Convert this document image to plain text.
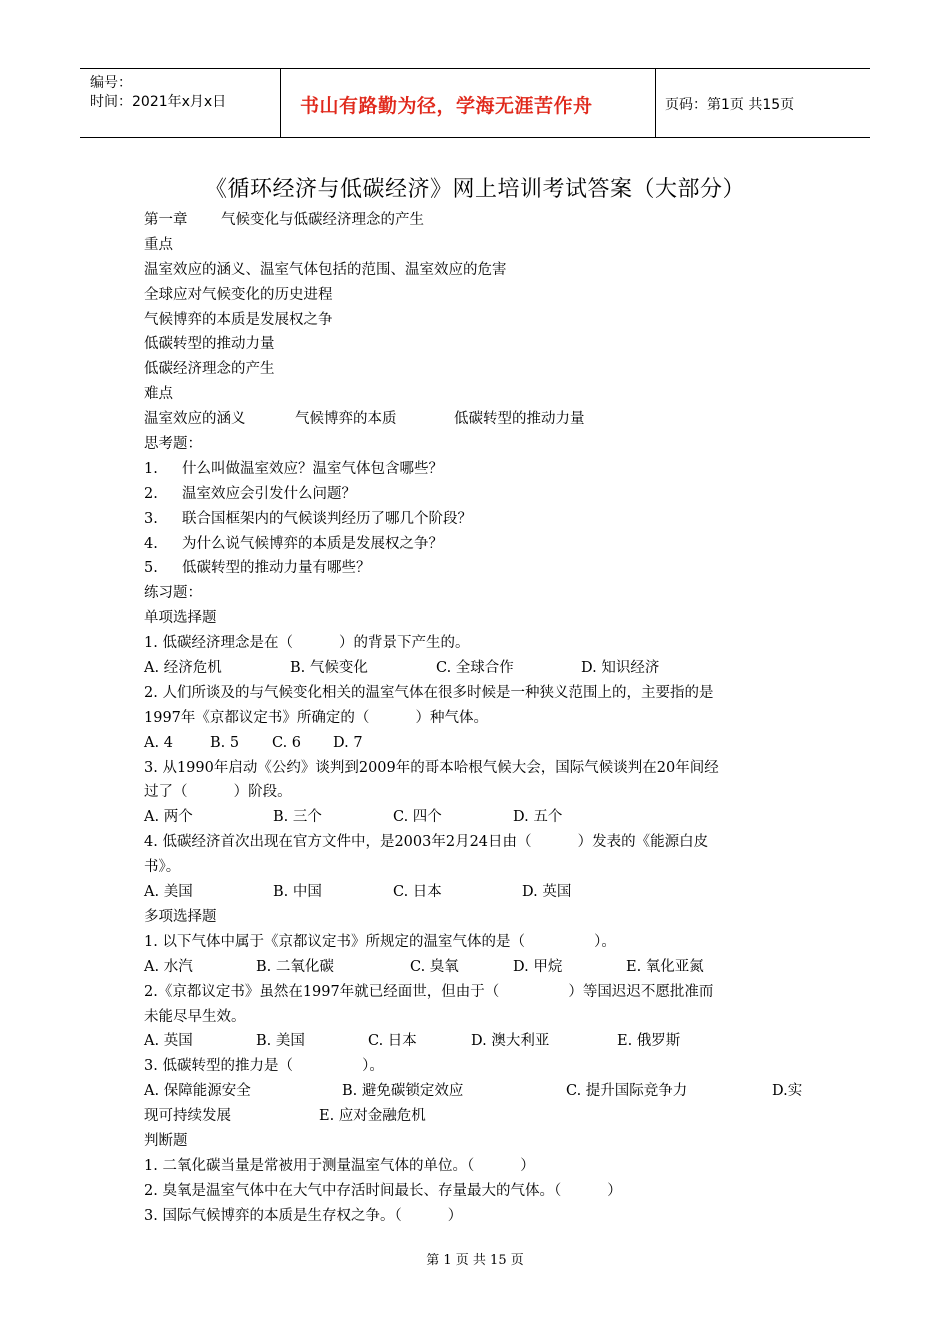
编号：
时间：2021年x月x日	书山有路勤为径，学海无涯苦作舟	页码：第1页 共15页
《循环经济与低碳经济》网上培训考试答案（大部分）
第一章 气候变化与低碳经济理念的产生
重点
温室效应的涵义、温室气体包括的范围、温室效应的危害
全球应对气候变化的历史进程
气候博弈的本质是发展权之争
低碳转型的推动力量
低碳经济理念的产生
难点
温室效应的涵义	气候博弈的本质	低碳转型的推动力量
思考题：
1. 什么叫做温室效应？温室气体包含哪些？
2. 温室效应会引发什么问题？
3. 联合国框架内的气候谈判经历了哪几个阶段？
4. 为什么说气候博弈的本质是发展权之争？
5. 低碳转型的推动力量有哪些？
练习题：
单项选择题
1. 低碳经济理念是在（          ）的背景下产生的。
A. 经济危机	B. 气候变化	C. 全球合作	D. 知识经济
2. 人们所谈及的与气候变化相关的温室气体在很多时候是一种狭义范围上的，主要指的是
1997年《京都议定书》所确定的（          ）种气体。
A. 4	B. 5 C. 6 D. 7
3. 从1990年启动《公约》谈判到2009年的哥本哈根气候大会，国际气候谈判在20年间经
过了（          ）阶段。
A. 两个	B. 三个	C. 四个	D. 五个
4. 低碳经济首次出现在官方文件中，是2003年2月24日由（          ）发表的《能源白皮
书》。
A. 美国	B. 中国	C. 日本	D. 英国
多项选择题
1. 以下气体中属于《京都议定书》所规定的温室气体的是（               ）。
A. 水汽	B. 二氧化碳	C. 臭氧	D. 甲烷	E. 氧化亚氮
2.《京都议定书》虽然在1997年就已经面世，但由于（               ）等国迟迟不愿批准而
未能尽早生效。
A. 英国	B. 美国	C. 日本	D. 澳大利亚	E. 俄罗斯
3. 低碳转型的推力是（               ）。
A. 保障能源安全	B. 避免碳锁定效应	C. 提升国际竞争力	D.实
现可持续发展	E. 应对金融危机
判断题
1. 二氧化碳当量是常被用于测量温室气体的单位。（          ）
2. 臭氧是温室气体中在大气中存活时间最长、存量最大的气体。（          ）
3. 国际气候博弈的本质是生存权之争。（          ）
第 1 页 共 15 页
